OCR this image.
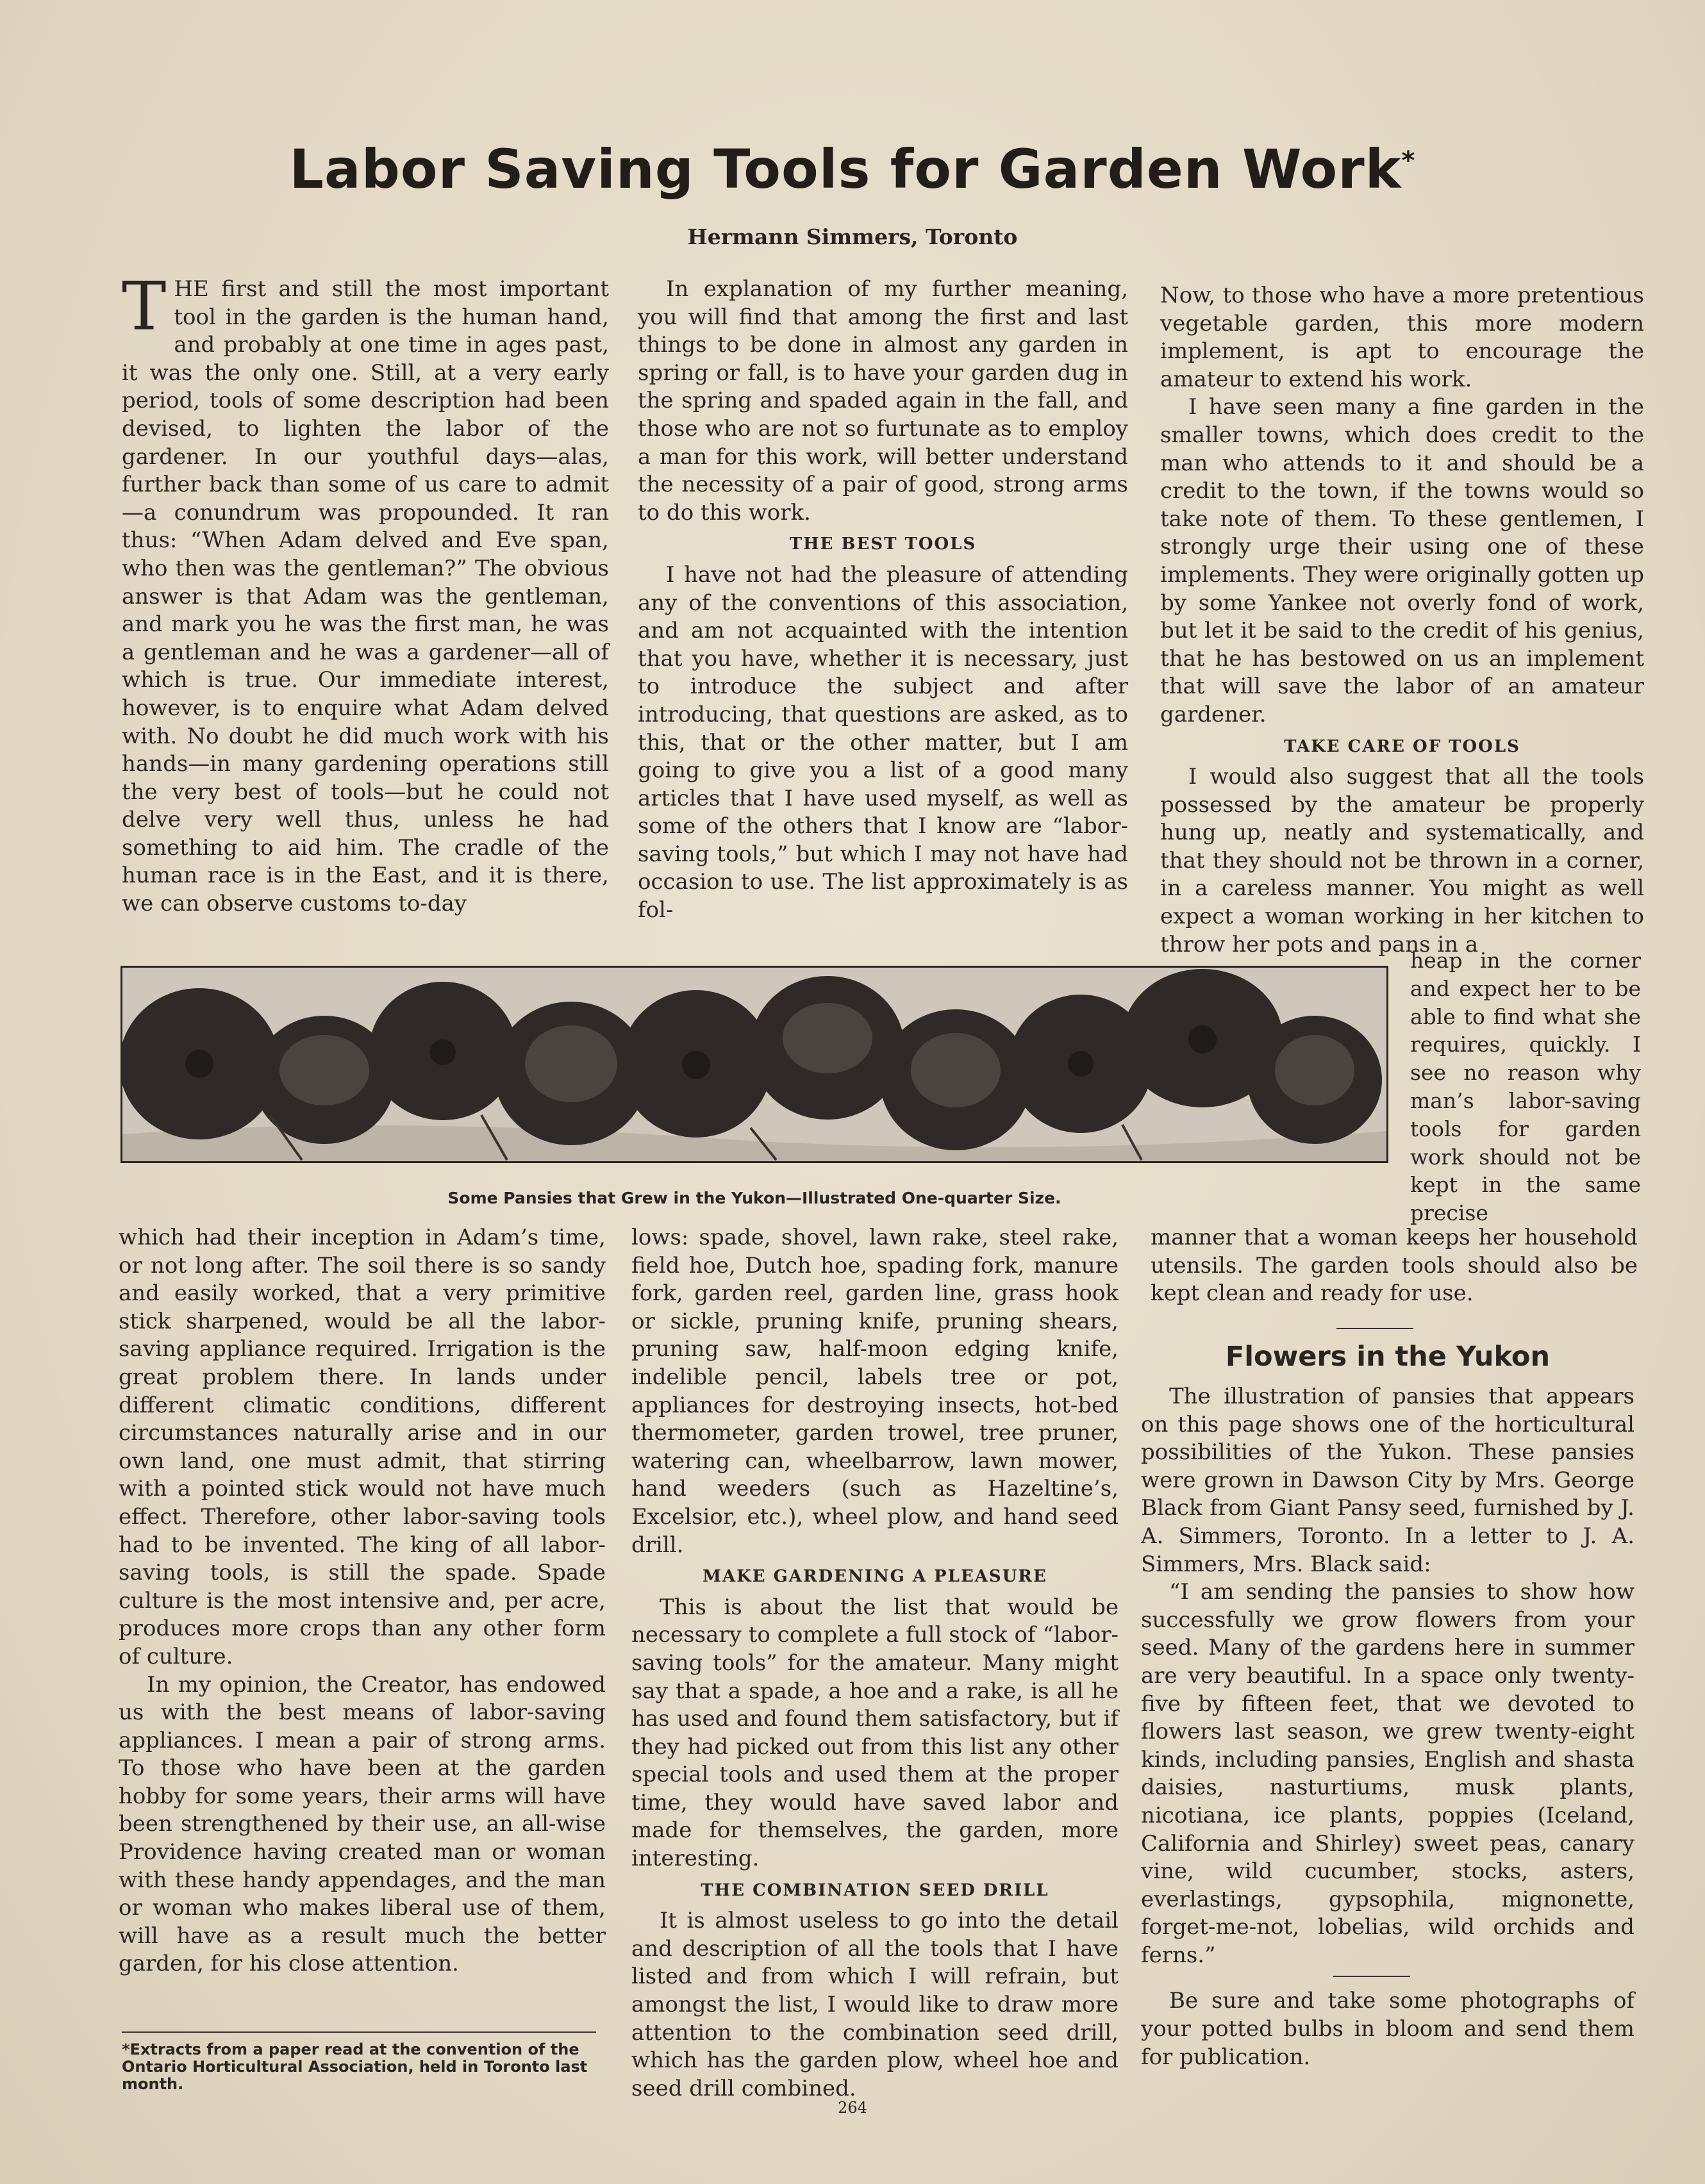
Labor Saving Tools for Garden Work*

Hermann Simmers, Toronto

THE first and still the most important tool in the garden is the human hand, and probably at one time in ages past, it was the only one. Still, at a very early period, tools of some description had been devised, to lighten the labor of the gardener. In our youthful days—alas, further back than some of us care to admit—a conundrum was propounded. It ran thus: “When Adam delved and Eve span, who then was the gentleman?” The obvious answer is that Adam was the gentleman, and mark you he was the first man, he was a gentleman and he was a gardener—all of which is true. Our immediate interest, however, is to enquire what Adam delved with. No doubt he did much work with his hands—in many gardening operations still the very best of tools—but he could not delve very well thus, unless he had something to aid him. The cradle of the human race is in the East, and it is there, we can observe customs to-day

In explanation of my further meaning, you will find that among the first and last things to be done in almost any garden in spring or fall, is to have your garden dug in the spring and spaded again in the fall, and those who are not so furtunate as to employ a man for this work, will better understand the necessity of a pair of good, strong arms to do this work.

THE BEST TOOLS

I have not had the pleasure of attending any of the conventions of this association, and am not acquainted with the intention that you have, whether it is necessary, just to introduce the subject and after introducing, that questions are asked, as to this, that or the other matter, but I am going to give you a list of a good many articles that I have used myself, as well as some of the others that I know are “labor-saving tools,” but which I may not have had occasion to use. The list approximately is as fol-

Now, to those who have a more pretentious vegetable garden, this more modern implement, is apt to encourage the amateur to extend his work.

I have seen many a fine garden in the smaller towns, which does credit to the man who attends to it and should be a credit to the town, if the towns would so take note of them. To these gentlemen, I strongly urge their using one of these implements. They were originally gotten up by some Yankee not overly fond of work, but let it be said to the credit of his genius, that he has bestowed on us an implement that will save the labor of an amateur gardener.

TAKE CARE OF TOOLS

I would also suggest that all the tools possessed by the amateur be properly hung up, neatly and systematically, and that they should not be thrown in a corner, in a careless manner. You might as well expect a woman working in her kitchen to throw her pots and pans in a

heap in the corner and expect her to be able to find what she requires, quickly. I see no reason why man’s labor-saving tools for garden work should not be kept in the same precise

manner that a woman keeps her household utensils. The garden tools should also be kept clean and ready for use.

Some Pansies that Grew in the Yukon—Illustrated One-quarter Size.

which had their inception in Adam’s time, or not long after. The soil there is so sandy and easily worked, that a very primitive stick sharpened, would be all the labor-saving appliance required. Irrigation is the great problem there. In lands under different climatic conditions, different circumstances naturally arise and in our own land, one must admit, that stirring with a pointed stick would not have much effect. Therefore, other labor-saving tools had to be invented. The king of all labor-saving tools, is still the spade. Spade culture is the most intensive and, per acre, produces more crops than any other form of culture.

In my opinion, the Creator, has endowed us with the best means of labor-saving appliances. I mean a pair of strong arms. To those who have been at the garden hobby for some years, their arms will have been strengthened by their use, an all-wise Providence having created man or woman with these handy appendages, and the man or woman who makes liberal use of them, will have as a result much the better garden, for his close attention.

*Extracts from a paper read at the convention of the Ontario Horticultural Association, held in Toronto last month.

lows: spade, shovel, lawn rake, steel rake, field hoe, Dutch hoe, spading fork, manure fork, garden reel, garden line, grass hook or sickle, pruning knife, pruning shears, pruning saw, half-moon edging knife, indelible pencil, labels tree or pot, appliances for destroying insects, hot-bed thermometer, garden trowel, tree pruner, watering can, wheelbarrow, lawn mower, hand weeders (such as Hazeltine’s, Excelsior, etc.), wheel plow, and hand seed drill.

MAKE GARDENING A PLEASURE

This is about the list that would be necessary to complete a full stock of “labor-saving tools” for the amateur. Many might say that a spade, a hoe and a rake, is all he has used and found them satisfactory, but if they had picked out from this list any other special tools and used them at the proper time, they would have saved labor and made for themselves, the garden, more interesting.

THE COMBINATION SEED DRILL

It is almost useless to go into the detail and description of all the tools that I have listed and from which I will refrain, but amongst the list, I would like to draw more attention to the combination seed drill, which has the garden plow, wheel hoe and seed drill combined.

Flowers in the Yukon

The illustration of pansies that appears on this page shows one of the horticultural possibilities of the Yukon. These pansies were grown in Dawson City by Mrs. George Black from Giant Pansy seed, furnished by J. A. Simmers, Toronto. In a letter to J. A. Simmers, Mrs. Black said:

“I am sending the pansies to show how successfully we grow flowers from your seed. Many of the gardens here in summer are very beautiful. In a space only twenty-five by fifteen feet, that we devoted to flowers last season, we grew twenty-eight kinds, including pansies, English and shasta daisies, nasturtiums, musk plants, nicotiana, ice plants, poppies (Iceland, California and Shirley) sweet peas, canary vine, wild cucumber, stocks, asters, everlastings, gypsophila, mignonette, forget-me-not, lobelias, wild orchids and ferns.”

Be sure and take some photographs of your potted bulbs in bloom and send them for publication.

264
